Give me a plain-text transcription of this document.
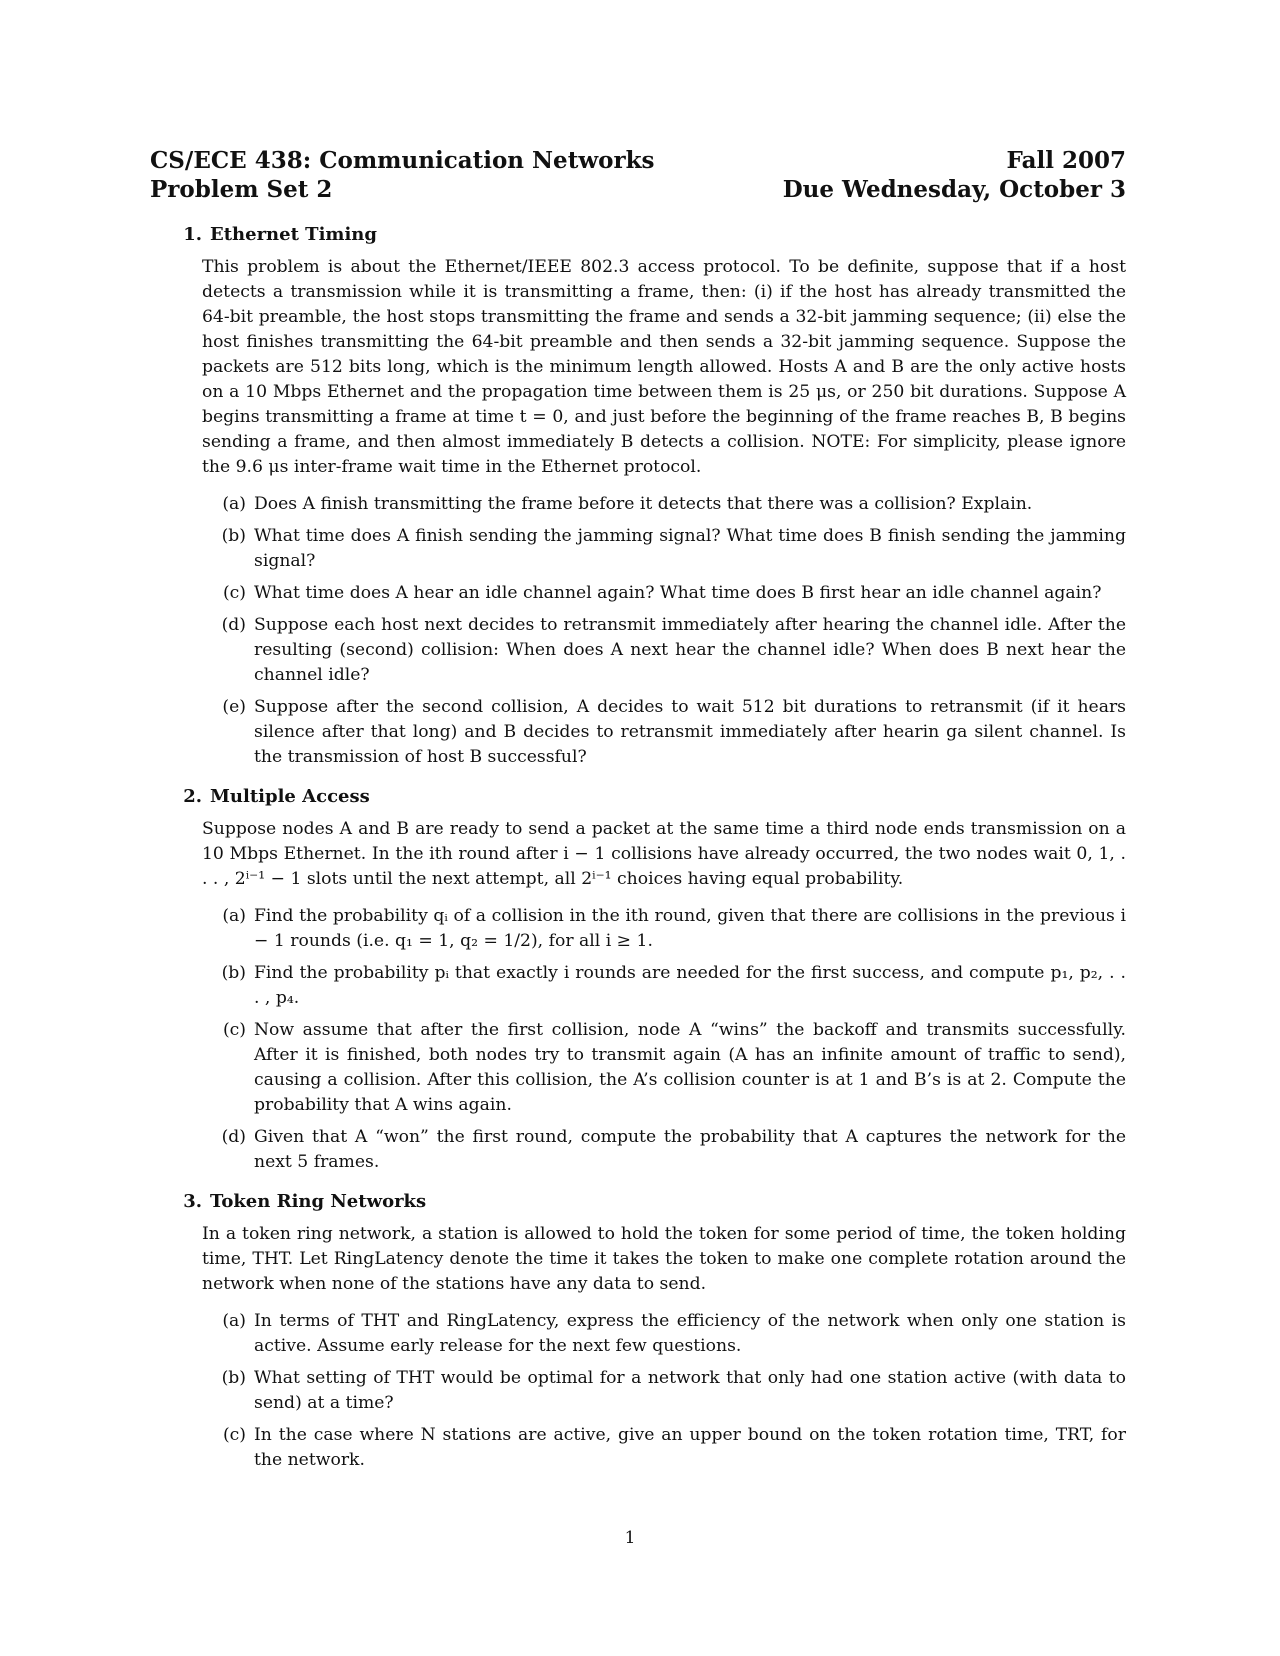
CS/ECE 438: Communication Networks	Fall 2007
Problem Set 2	Due Wednesday, October 3
1. Ethernet Timing
This problem is about the Ethernet/IEEE 802.3 access protocol. To be definite, suppose that if a host detects a transmission while it is transmitting a frame, then: (i) if the host has already transmitted the 64-bit preamble, the host stops transmitting the frame and sends a 32-bit jamming sequence; (ii) else the host finishes transmitting the 64-bit preamble and then sends a 32-bit jamming sequence. Suppose the packets are 512 bits long, which is the minimum length allowed. Hosts A and B are the only active hosts on a 10 Mbps Ethernet and the propagation time between them is 25 μs, or 250 bit durations. Suppose A begins transmitting a frame at time t = 0, and just before the beginning of the frame reaches B, B begins sending a frame, and then almost immediately B detects a collision. NOTE: For simplicity, please ignore the 9.6 μs inter-frame wait time in the Ethernet protocol.
(a) Does A finish transmitting the frame before it detects that there was a collision? Explain.
(b) What time does A finish sending the jamming signal? What time does B finish sending the jamming signal?
(c) What time does A hear an idle channel again? What time does B first hear an idle channel again?
(d) Suppose each host next decides to retransmit immediately after hearing the channel idle. After the resulting (second) collision: When does A next hear the channel idle? When does B next hear the channel idle?
(e) Suppose after the second collision, A decides to wait 512 bit durations to retransmit (if it hears silence after that long) and B decides to retransmit immediately after hearin ga silent channel. Is the transmission of host B successful?
2. Multiple Access
Suppose nodes A and B are ready to send a packet at the same time a third node ends transmission on a 10 Mbps Ethernet. In the ith round after i − 1 collisions have already occurred, the two nodes wait 0, 1, . . . , 2ⁱ⁻¹ − 1 slots until the next attempt, all 2ⁱ⁻¹ choices having equal probability.
(a) Find the probability qᵢ of a collision in the ith round, given that there are collisions in the previous i − 1 rounds (i.e. q₁ = 1, q₂ = 1/2), for all i ≥ 1.
(b) Find the probability pᵢ that exactly i rounds are needed for the first success, and compute p₁, p₂, . . . , p₄.
(c) Now assume that after the first collision, node A “wins” the backoff and transmits successfully. After it is finished, both nodes try to transmit again (A has an infinite amount of traffic to send), causing a collision. After this collision, the A’s collision counter is at 1 and B’s is at 2. Compute the probability that A wins again.
(d) Given that A “won” the first round, compute the probability that A captures the network for the next 5 frames.
3. Token Ring Networks
In a token ring network, a station is allowed to hold the token for some period of time, the token holding time, THT. Let RingLatency denote the time it takes the token to make one complete rotation around the network when none of the stations have any data to send.
(a) In terms of THT and RingLatency, express the efficiency of the network when only one station is active. Assume early release for the next few questions.
(b) What setting of THT would be optimal for a network that only had one station active (with data to send) at a time?
(c) In the case where N stations are active, give an upper bound on the token rotation time, TRT, for the network.
1
